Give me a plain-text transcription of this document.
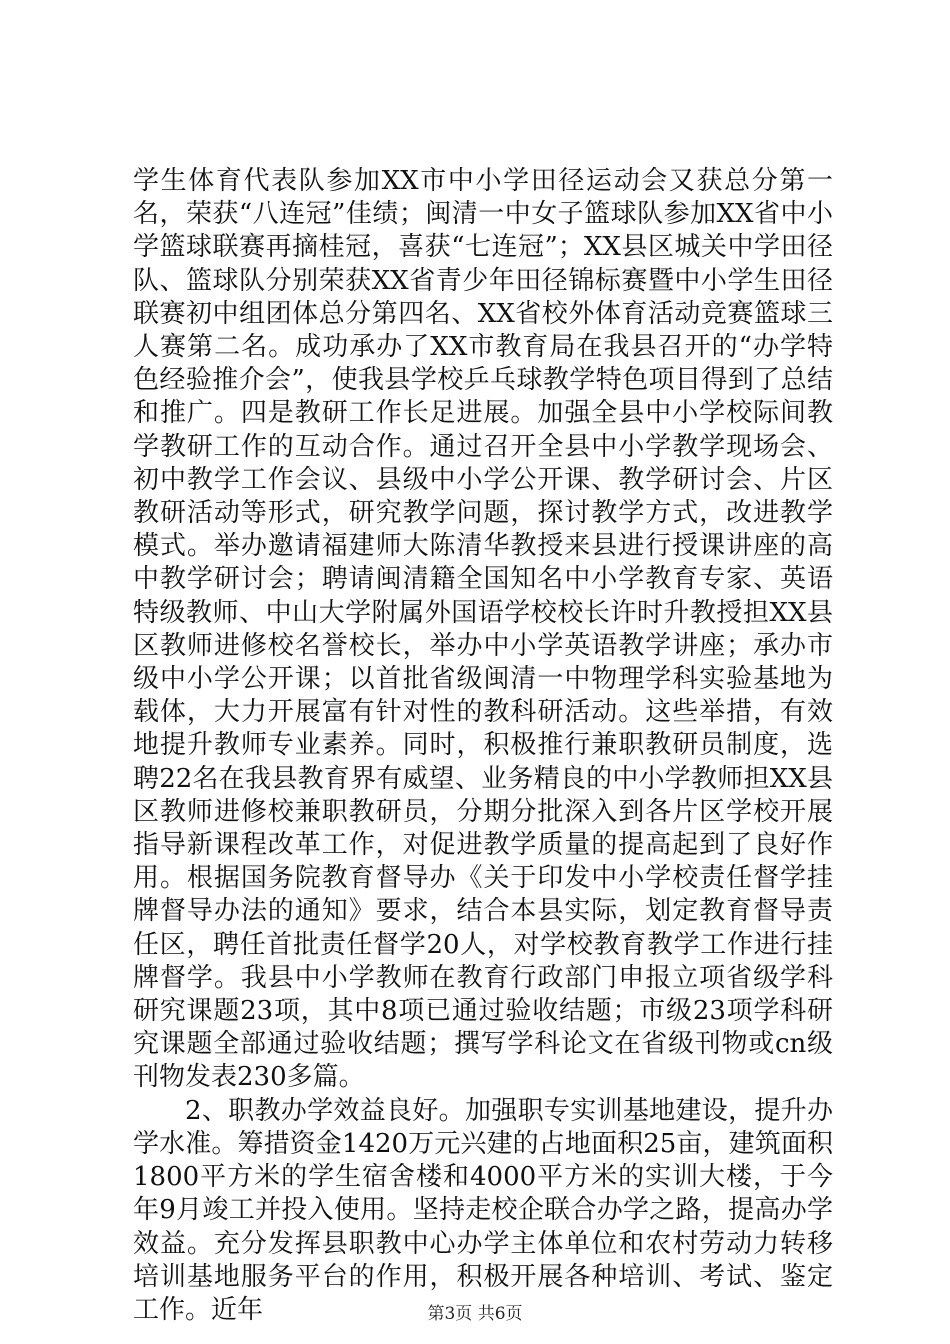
学生体育代表队参加XX市中小学田径运动会又获总分第一名，荣获“八连冠”佳绩；闽清一中女子篮球队参加XX省中小学篮球联赛再摘桂冠，喜获“七连冠”；XX县区城关中学田径队、篮球队分别荣获XX省青少年田径锦标赛暨中小学生田径联赛初中组团体总分第四名、XX省校外体育活动竞赛篮球三人赛第二名。成功承办了XX市教育局在我县召开的“办学特色经验推介会”，使我县学校乒乓球教学特色项目得到了总结和推广。四是教研工作长足进展。加强全县中小学校际间教学教研工作的互动合作。通过召开全县中小学教学现场会、初中教学工作会议、县级中小学公开课、教学研讨会、片区教研活动等形式，研究教学问题，探讨教学方式，改进教学模式。举办邀请福建师大陈清华教授来县进行授课讲座的高中教学研讨会；聘请闽清籍全国知名中小学教育专家、英语特级教师、中山大学附属外国语学校校长许时升教授担XX县区教师进修校名誉校长，举办中小学英语教学讲座；承办市级中小学公开课；以首批省级闽清一中物理学科实验基地为载体，大力开展富有针对性的教科研活动。这些举措，有效地提升教师专业素养。同时，积极推行兼职教研员制度，选聘22名在我县教育界有威望、业务精良的中小学教师担XX县区教师进修校兼职教研员，分期分批深入到各片区学校开展指导新课程改革工作，对促进教学质量的提高起到了良好作用。根据国务院教育督导办《关于印发中小学校责任督学挂牌督导办法的通知》要求，结合本县实际，划定教育督导责任区，聘任首批责任督学20人，对学校教育教学工作进行挂牌督学。我县中小学教师在教育行政部门申报立项省级学科研究课题23项，其中8项已通过验收结题；市级23项学科研究课题全部通过验收结题；撰写学科论文在省级刊物或cn级刊物发表230多篇。

2、职教办学效益良好。加强职专实训基地建设，提升办学水准。筹措资金1420万元兴建的占地面积25亩，建筑面积1800平方米的学生宿舍楼和4000平方米的实训大楼，于今年9月竣工并投入使用。坚持走校企联合办学之路，提高办学效益。充分发挥县职教中心办学主体单位和农村劳动力转移培训基地服务平台的作用，积极开展各种培训、考试、鉴定工作。近年	第3页 共6页
